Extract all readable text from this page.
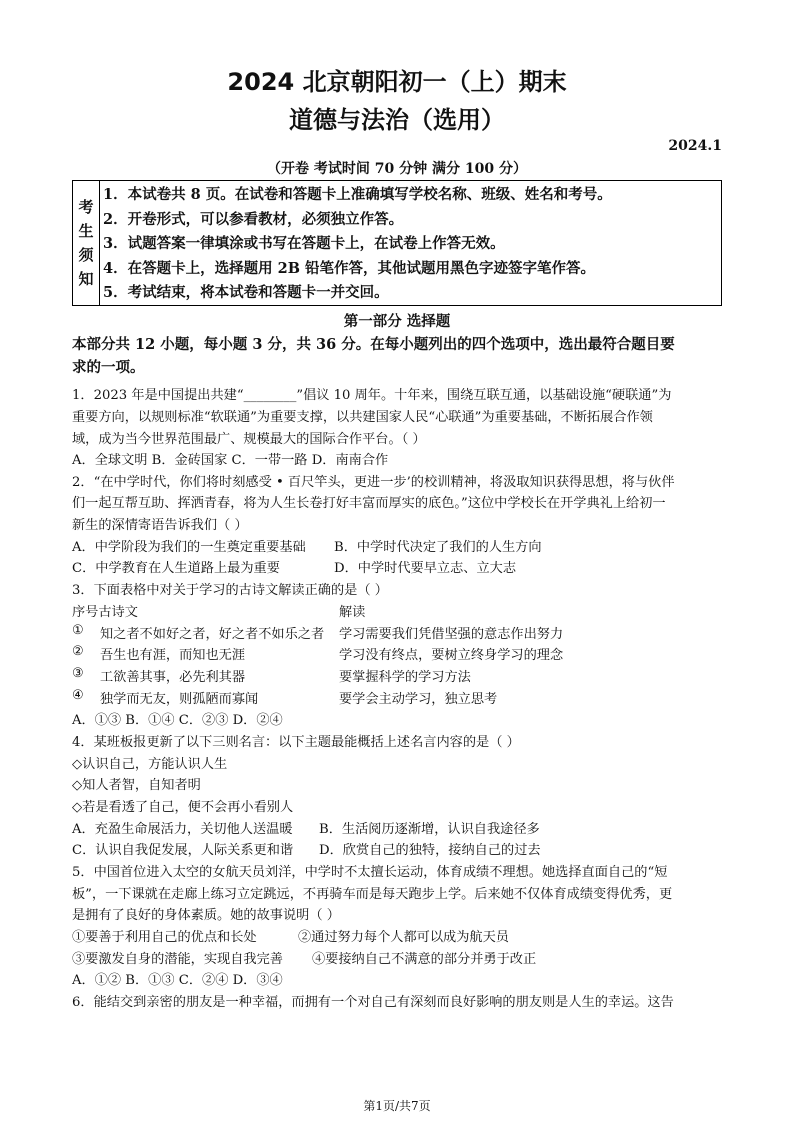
2024 北京朝阳初一（上）期末
道德与法治（选用）
2024.1
（开卷 考试时间 70 分钟 满分 100 分）
考
生
须
知
1．本试卷共 8 页。在试卷和答题卡上准确填写学校名称、班级、姓名和考号。
2．开卷形式，可以参看教材，必须独立作答。
3．试题答案一律填涂或书写在答题卡上，在试卷上作答无效。
4．在答题卡上，选择题用 2B 铅笔作答，其他试题用黑色字迹签字笔作答。
5．考试结束，将本试卷和答题卡一并交回。
第一部分 选择题
本部分共 12 小题，每小题 3 分，共 36 分。在每小题列出的四个选项中，选出最符合题目要
求的一项。
1．2023 年是中国提出共建“________”倡议 10 周年。十年来，围绕互联互通，以基础设施“硬联通”为
重要方向，以规则标准“软联通”为重要支撑，以共建国家人民“心联通”为重要基础，不断拓展合作领
域，成为当今世界范围最广、规模最大的国际合作平台。（ ）
A．全球文明 B．金砖国家 C．一带一路 D．南南合作
2．“在中学时代，你们将时刻感受 • 百尺竿头，更进一步’的校训精神，将汲取知识获得思想，将与伙伴
们一起互帮互助、挥洒青春，将为人生长卷打好丰富而厚实的底色。”这位中学校长在开学典礼上给初一
新生的深情寄语告诉我们（ ）
A．中学阶段为我们的一生奠定重要基础 B．中学时代决定了我们的人生方向
C．中学教育在人生道路上最为重要	D．中学时代要早立志、立大志
3．下面表格中对关于学习的古诗文解读正确的是（ ）
序号古诗文	解读
① 知之者不如好之者，好之者不如乐之者 学习需要我们凭借坚强的意志作出努力
② 吾生也有涯，而知也无涯	学习没有终点，要树立终身学习的理念
③ 工欲善其事，必先利其器	要掌握科学的学习方法
④ 独学而无友，则孤陋而寡闻	要学会主动学习，独立思考
A．①③ B．①④ C．②③ D．②④
4．某班板报更新了以下三则名言：以下主题最能概括上述名言内容的是（ ）
◇认识自己，方能认识人生
◇知人者智，自知者明
◇若是看透了自己，便不会再小看别人
A．充盈生命展活力，关切他人送温暖 B．生活阅历逐渐增，认识自我途径多
C．认识自我促发展，人际关系更和谐 D．欣赏自己的独特，接纳自己的过去
5．中国首位进入太空的女航天员刘洋，中学时不太擅长运动，体育成绩不理想。她选择直面自己的“短
板”，一下课就在走廊上练习立定跳远，不再骑车而是每天跑步上学。后来她不仅体育成绩变得优秀，更
是拥有了良好的身体素质。她的故事说明（ ）
①要善于利用自己的优点和长处	②通过努力每个人都可以成为航天员
③要激发自身的潜能，实现自我完善 ④要接纳自己不满意的部分并勇于改正
A．①② B．①③ C．②④ D．③④
6．能结交到亲密的朋友是一种幸福，而拥有一个对自己有深刻而良好影响的朋友则是人生的幸运。这告
第1页/共7页
